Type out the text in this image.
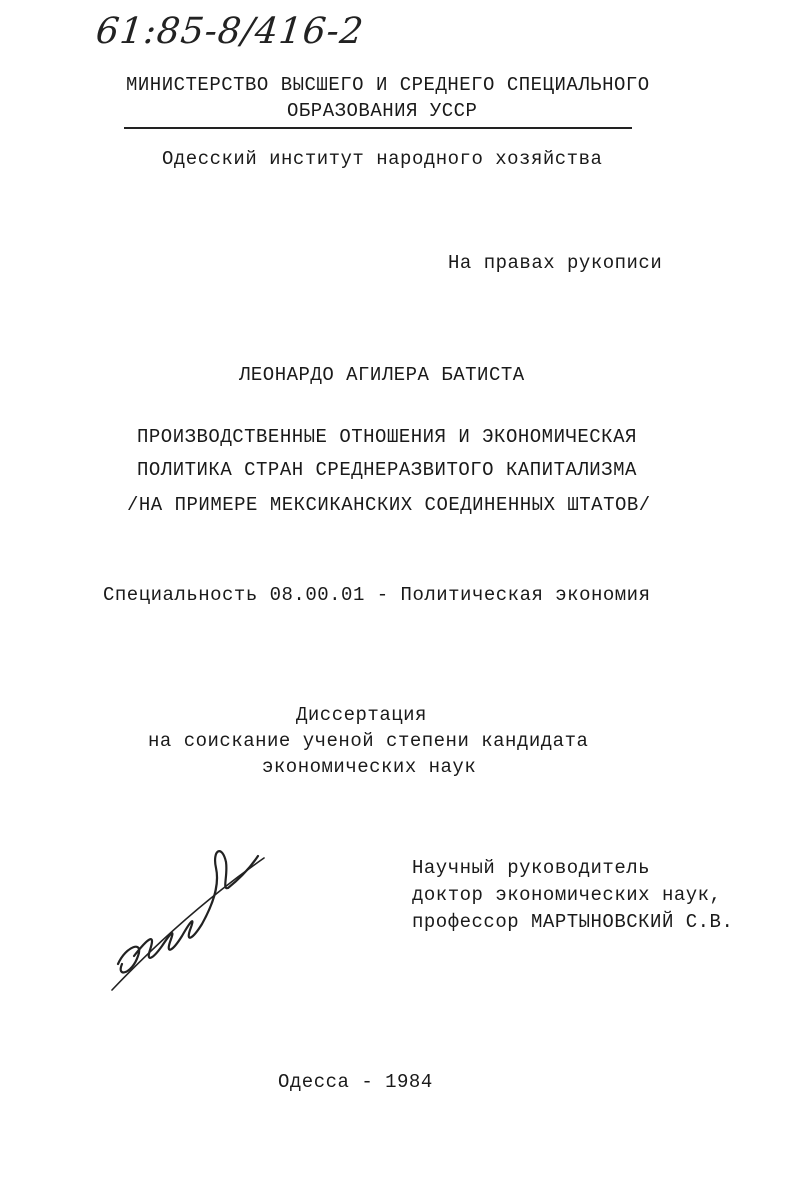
61:85-8/416-2
МИНИСТЕРСТВО ВЫСШЕГО И СРЕДНЕГО СПЕЦИАЛЬНОГО
ОБРАЗОВАНИЯ УССР
Одесский институт народного хозяйства
На правах рукописи
ЛЕОНАРДО АГИЛЕРА БАТИСТА
ПРОИЗВОДСТВЕННЫЕ ОТНОШЕНИЯ И ЭКОНОМИЧЕСКАЯ
ПОЛИТИКА СТРАН СРЕДНЕРАЗВИТОГО КАПИТАЛИЗМА
/НА ПРИМЕРЕ МЕКСИКАНСКИХ СОЕДИНЕННЫХ ШТАТОВ/
Специальность 08.00.01 - Политическая экономия
Диссертация
на соискание ученой степени кандидата
экономических наук
Научный руководитель
доктор экономических наук,
профессор МАРТЫНОВСКИЙ С.В.
Одесса - 1984
